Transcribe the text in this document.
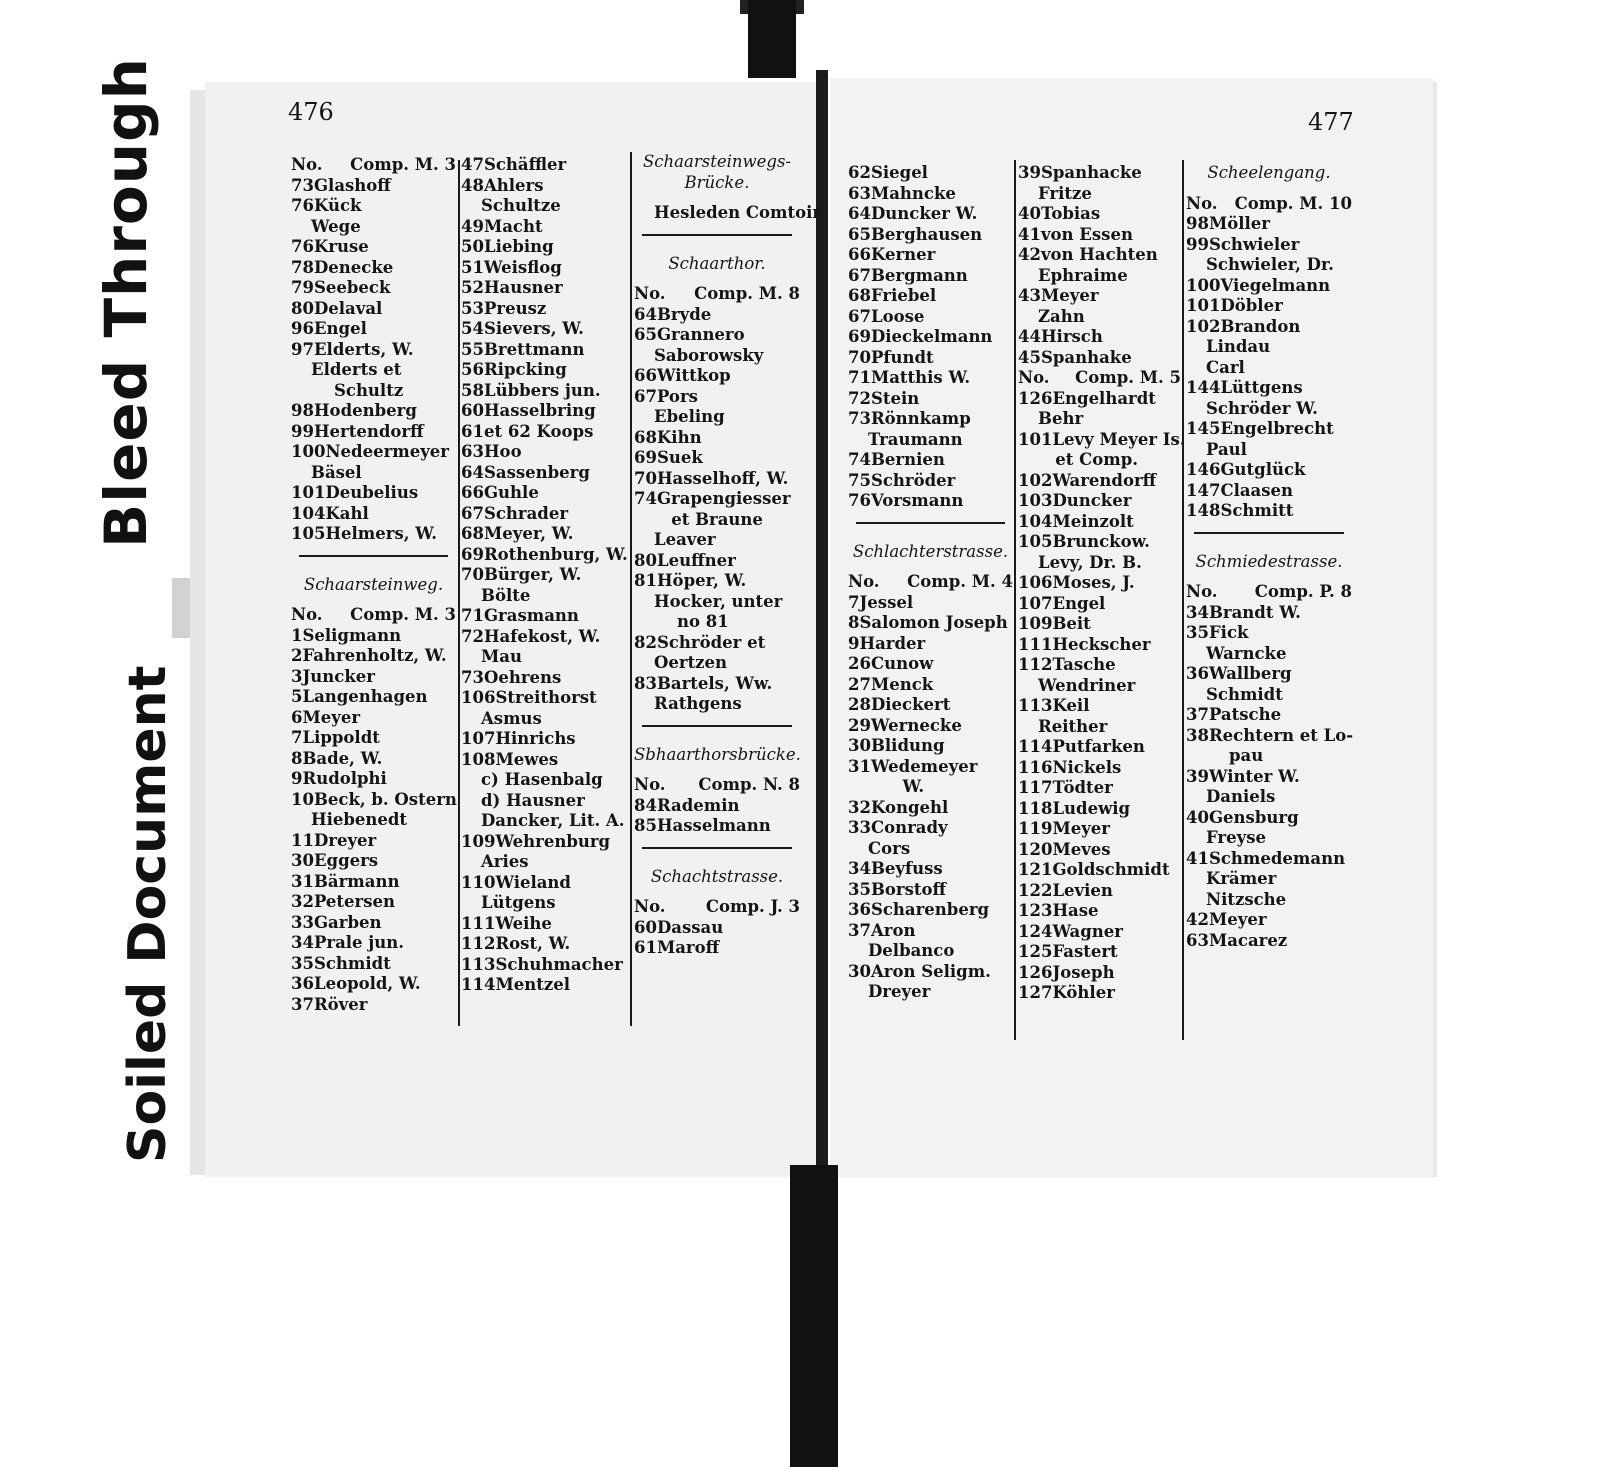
Bleed Through
Soiled Document
476	477
No. Comp. M. 3
73 Glashoff
76 Kück
Wege
76 Kruse
78 Denecke
79 Seebeck
80 Delaval
96 Engel
97 Elderts, W.
Elderts et
Schultz
98 Hodenberg
99 Hertendorff
100 Nedeermeyer
Bäsel
101 Deubelius
104 Kahl
105 Helmers, W.
Schaarsteinweg.
No. Comp. M. 3
1 Seligmann
2 Fahrenholtz, W.
3 Juncker
5 Langenhagen
6 Meyer
7 Lippoldt
8 Bade, W.
9 Rudolphi
10 Beck, b. Ostern
Hiebenedt
11 Dreyer
30 Eggers
31 Bärmann
32 Petersen
33 Garben
34 Prale jun.
35 Schmidt
36 Leopold, W.
37 Röver
47 Schäffler
48 Ahlers
Schultze
49 Macht
50 Liebing
51 Weisflog
52 Hausner
53 Preusz
54 Sievers, W.
55 Brettmann
56 Ripcking
58 Lübbers jun.
60 Hasselbring
61 et 62 Koops
63 Hoo
64 Sassenberg
66 Guhle
67 Schrader
68 Meyer, W.
69 Rothenburg, W.
70 Bürger, W.
Bölte
71 Grasmann
72 Hafekost, W.
Mau
73 Oehrens
106 Streithorst
Asmus
107 Hinrichs
108 Mewes
c) Hasenbalg
d) Hausner
Dancker, Lit. A.
109 Wehrenburg
Aries
110 Wieland
Lütgens
111 Weihe
112 Rost, W.
113 Schuhmacher
114 Mentzel
Schaarsteinwegs-
Brücke.
Hesleden Comtoir
Schaarthor.
No. Comp. M. 8
64 Bryde
65 Grannero
Saborowsky
66 Wittkop
67 Pors
Ebeling
68 Kihn
69 Suek
70 Hasselhoff, W.
74 Grapengiesser
et Braune
Leaver
80 Leuffner
81 Höper, W.
Hocker, unter
no 81
82 Schröder et
Oertzen
83 Bartels, Ww.
Rathgens
Sbhaarthorsbrücke.
No. Comp. N. 8
84 Rademin
85 Hasselmann
Schachtstrasse.
No. Comp. J. 3
60 Dassau
61 Maroff
62 Siegel
63 Mahncke
64 Duncker W.
65 Berghausen
66 Kerner
67 Bergmann
68 Friebel
67 Loose
69 Dieckelmann
70 Pfundt
71 Matthis W.
72 Stein
73 Rönnkamp
Traumann
74 Bernien
75 Schröder
76 Vorsmann
Schlachterstrasse.
No. Comp. M. 4
7 Jessel
8 Salomon Joseph
9 Harder
26 Cunow
27 Menck
28 Dieckert
29 Wernecke
30 Blidung
31 Wedemeyer
W.
32 Kongehl
33 Conrady
Cors
34 Beyfuss
35 Borstoff
36 Scharenberg
37 Aron
Delbanco
30 Aron Seligm.
Dreyer
39 Spanhacke
Fritze
40 Tobias
41 von Essen
42 von Hachten
Ephraime
43 Meyer
Zahn
44 Hirsch
45 Spanhake
No. Comp. M. 5
126 Engelhardt
Behr
101 Levy Meyer Is.
et Comp.
102 Warendorff
103 Duncker
104 Meinzolt
105 Brunckow.
Levy, Dr. B.
106 Moses, J.
107 Engel
109 Beit
111 Heckscher
112 Tasche
Wendriner
113 Keil
Reither
114 Putfarken
116 Nickels
117 Tödter
118 Ludewig
119 Meyer
120 Meves
121 Goldschmidt
122 Levien
123 Hase
124 Wagner
125 Fastert
126 Joseph
127 Köhler
Scheelengang.
No. Comp. M. 10
98 Möller
99 Schwieler
Schwieler, Dr.
100 Viegelmann
101 Döbler
102 Brandon
Lindau
Carl
144 Lüttgens
Schröder W.
145 Engelbrecht
Paul
146 Gutglück
147 Claasen
148 Schmitt
Schmiedestrasse.
No. Comp. P. 8
34 Brandt W.
35 Fick
Warncke
36 Wallberg
Schmidt
37 Patsche
38 Rechtern et Lo-
pau
39 Winter W.
Daniels
40 Gensburg
Freyse
41 Schmedemann
Krämer
Nitzsche
42 Meyer
63 Macarez
